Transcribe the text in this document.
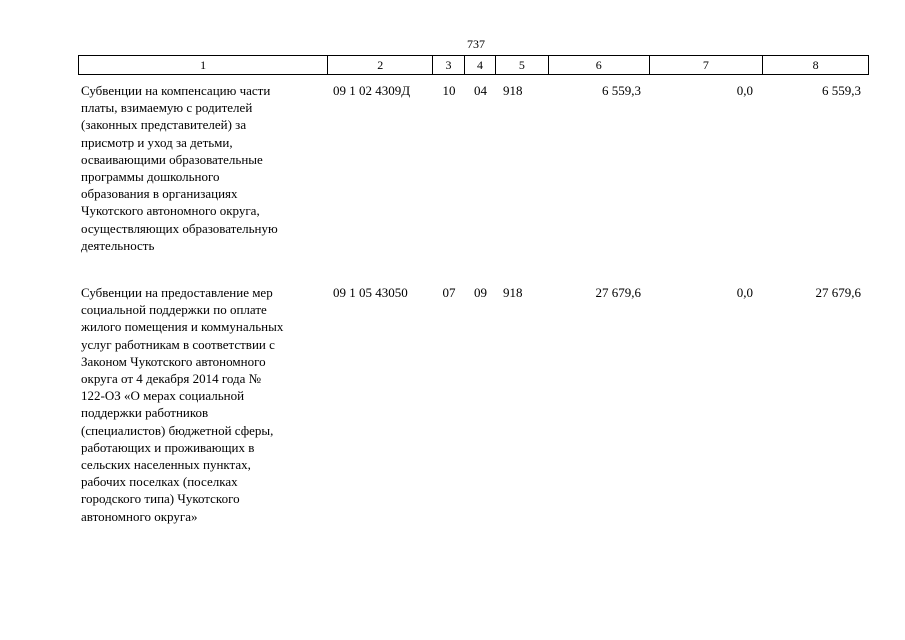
737
1	2	3	4	5	6	7	8
Субвенции на компенсацию части
платы, взимаемую с родителей
(законных представителей) за
присмотр и уход за детьми,
осваивающими образовательные
программы дошкольного
образования в организациях
Чукотского автономного округа,
осуществляющих образовательную
деятельность
09 1 02 4309Д	10	04	918	6 559,3	0,0	6 559,3
Субвенции на предоставление мер
социальной поддержки по оплате
жилого помещения и коммунальных
услуг работникам в соответствии с
Законом Чукотского автономного
округа от 4 декабря 2014 года №
122-ОЗ «О мерах социальной
поддержки работников
(специалистов) бюджетной сферы,
работающих и проживающих в
сельских населенных пунктах,
рабочих поселках (поселках
городского типа) Чукотского
автономного округа»
09 1 05 43050	07	09	918	27 679,6	0,0	27 679,6
